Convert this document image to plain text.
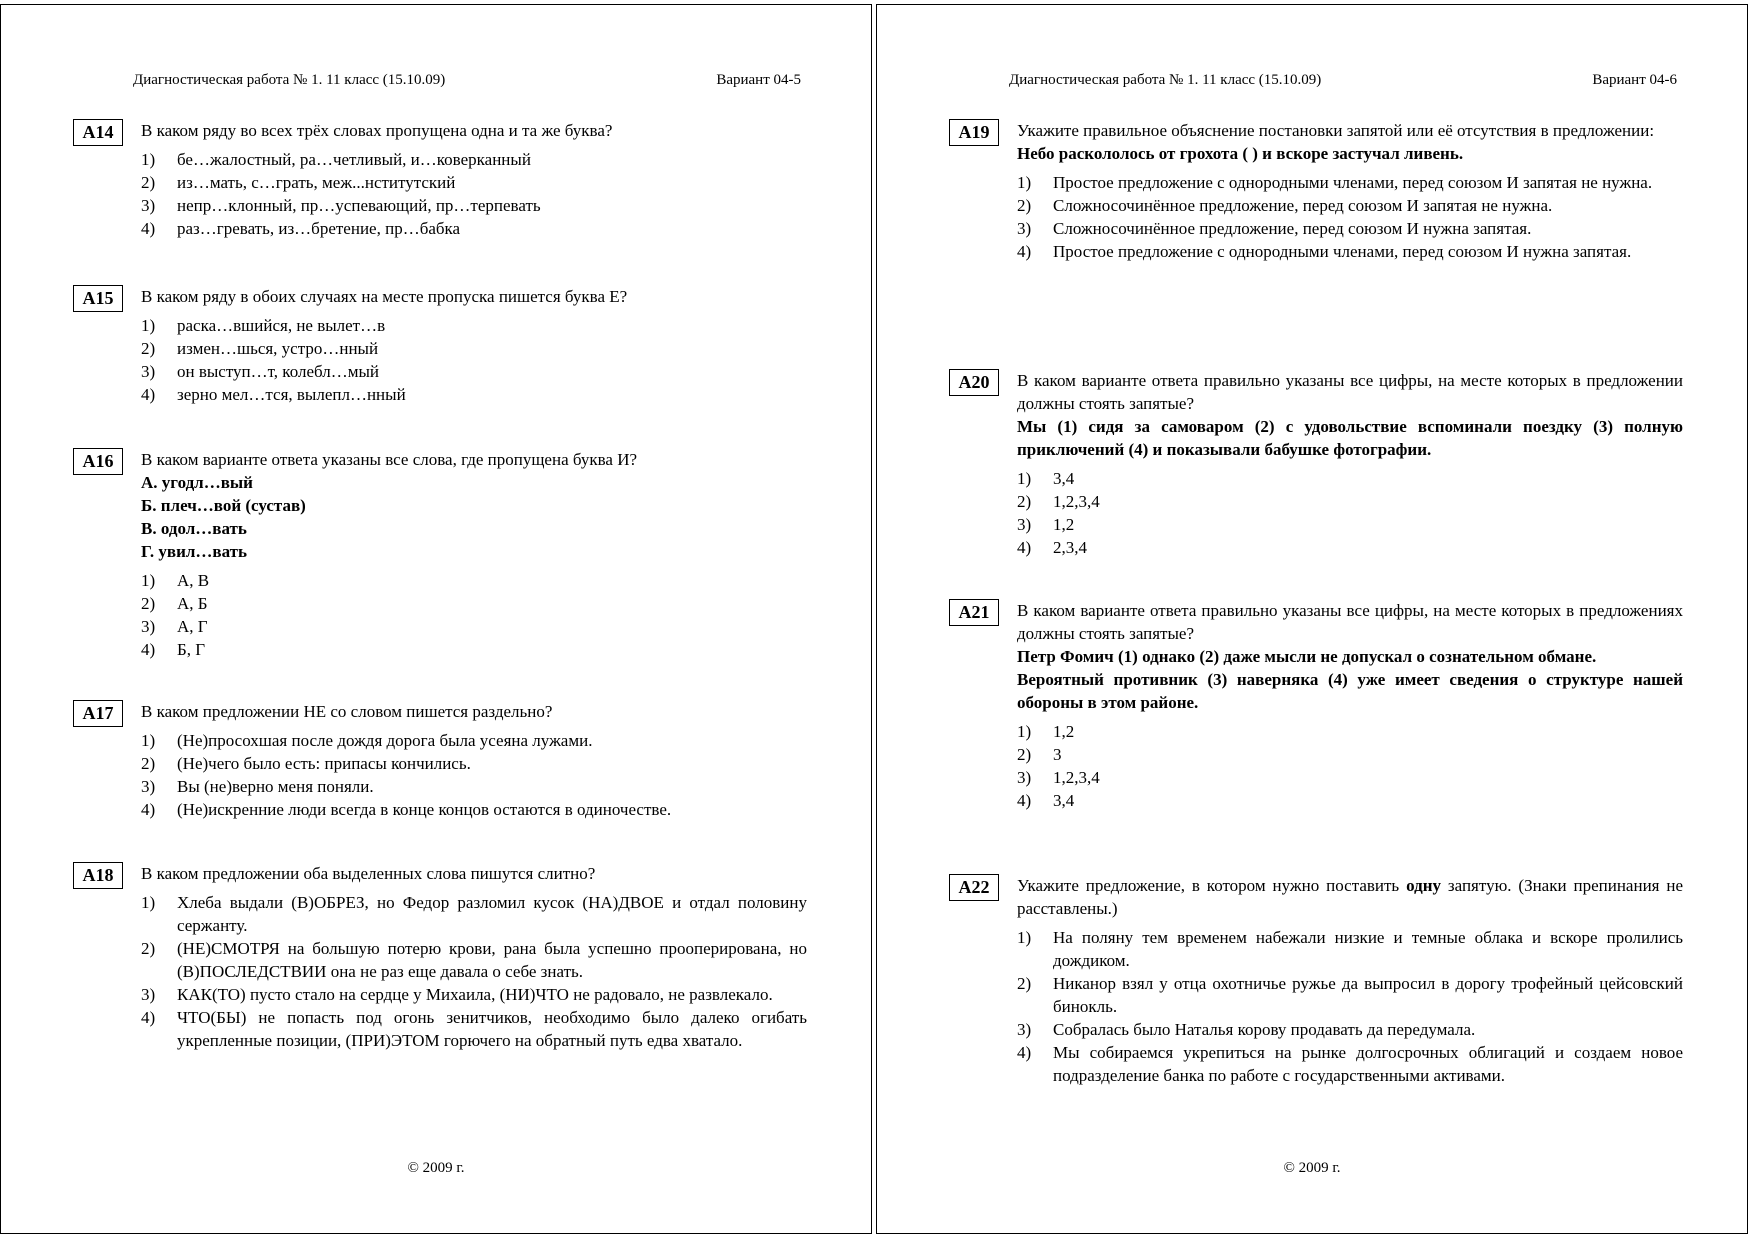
Диагностическая работа № 1. 11 класс (15.10.09)	Вариант 04-5
А14	В каком ряду во всех трёх словах пропущена одна и та же буква?
1) бе…жалостный, ра…четливый, и…коверканный
2) из…мать, с…грать, меж...нститутский
3) непр…клонный, пр…успевающий, пр…терпевать
4) раз…гревать, из…бретение, пр…бабка
А15	В каком ряду в обоих случаях на месте пропуска пишется буква Е?
1) раска…вшийся, не вылет…в
2) измен…шься, устро…нный
3) он выступ…т, колебл…мый
4) зерно мел…тся, вылепл…нный
А16	В каком варианте ответа указаны все слова, где пропущена буква И?
А. угодл…вый
Б. плеч…вой (сустав)
В. одол…вать
Г. увил…вать
1) А, В
2) А, Б
3) А, Г
4) Б, Г
А17	В каком предложении НЕ со словом пишется раздельно?
1) (Не)просохшая после дождя дорога была усеяна лужами.
2) (Не)чего было есть: припасы кончились.
3) Вы (не)верно меня поняли.
4) (Не)искренние люди всегда в конце концов остаются в одиночестве.
А18	В каком предложении оба выделенных слова пишутся слитно?
1) Хлеба выдали (В)ОБРЕЗ, но Федор разломил кусок (НА)ДВОЕ и отдал половину сержанту.
2) (НЕ)СМОТРЯ на большую потерю крови, рана была успешно прооперирована, но (В)ПОСЛЕДСТВИИ она не раз еще давала о себе знать.
3) КАК(ТО) пусто стало на сердце у Михаила, (НИ)ЧТО не радовало, не развлекало.
4) ЧТО(БЫ) не попасть под огонь зенитчиков, необходимо было далеко огибать укрепленные позиции, (ПРИ)ЭТОМ горючего на обратный путь едва хватало.
© 2009 г.
Диагностическая работа № 1. 11 класс (15.10.09)	Вариант 04-6
А19	Укажите правильное объяснение постановки запятой или её отсутствия в предложении:
Небо раскололось от грохота ( ) и вскоре застучал ливень.
1) Простое предложение с однородными членами, перед союзом И запятая не нужна.
2) Сложносочинённое предложение, перед союзом И запятая не нужна.
3) Сложносочинённое предложение, перед союзом И нужна запятая.
4) Простое предложение с однородными членами, перед союзом И нужна запятая.
А20	В каком варианте ответа правильно указаны все цифры, на месте которых в предложении должны стоять запятые?
Мы (1) сидя за самоваром (2) с удовольствие вспоминали поездку (3) полную приключений (4) и показывали бабушке фотографии.
1) 3,4
2) 1,2,3,4
3) 1,2
4) 2,3,4
А21	В каком варианте ответа правильно указаны все цифры, на месте которых в предложениях должны стоять запятые?
Петр Фомич (1) однако (2) даже мысли не допускал о сознательном обмане.
Вероятный противник (3) наверняка (4) уже имеет сведения о структуре нашей обороны в этом районе.
1) 1,2
2) 3
3) 1,2,3,4
4) 3,4
А22	Укажите предложение, в котором нужно поставить одну запятую. (Знаки препинания не расставлены.)
1) На поляну тем временем набежали низкие и темные облака и вскоре пролились дождиком.
2) Никанор взял у отца охотничье ружье да выпросил в дорогу трофейный цейсовский бинокль.
3) Собралась было Наталья корову продавать да передумала.
4) Мы собираемся укрепиться на рынке долгосрочных облигаций и создаем новое подразделение банка по работе с государственными активами.
© 2009 г.
